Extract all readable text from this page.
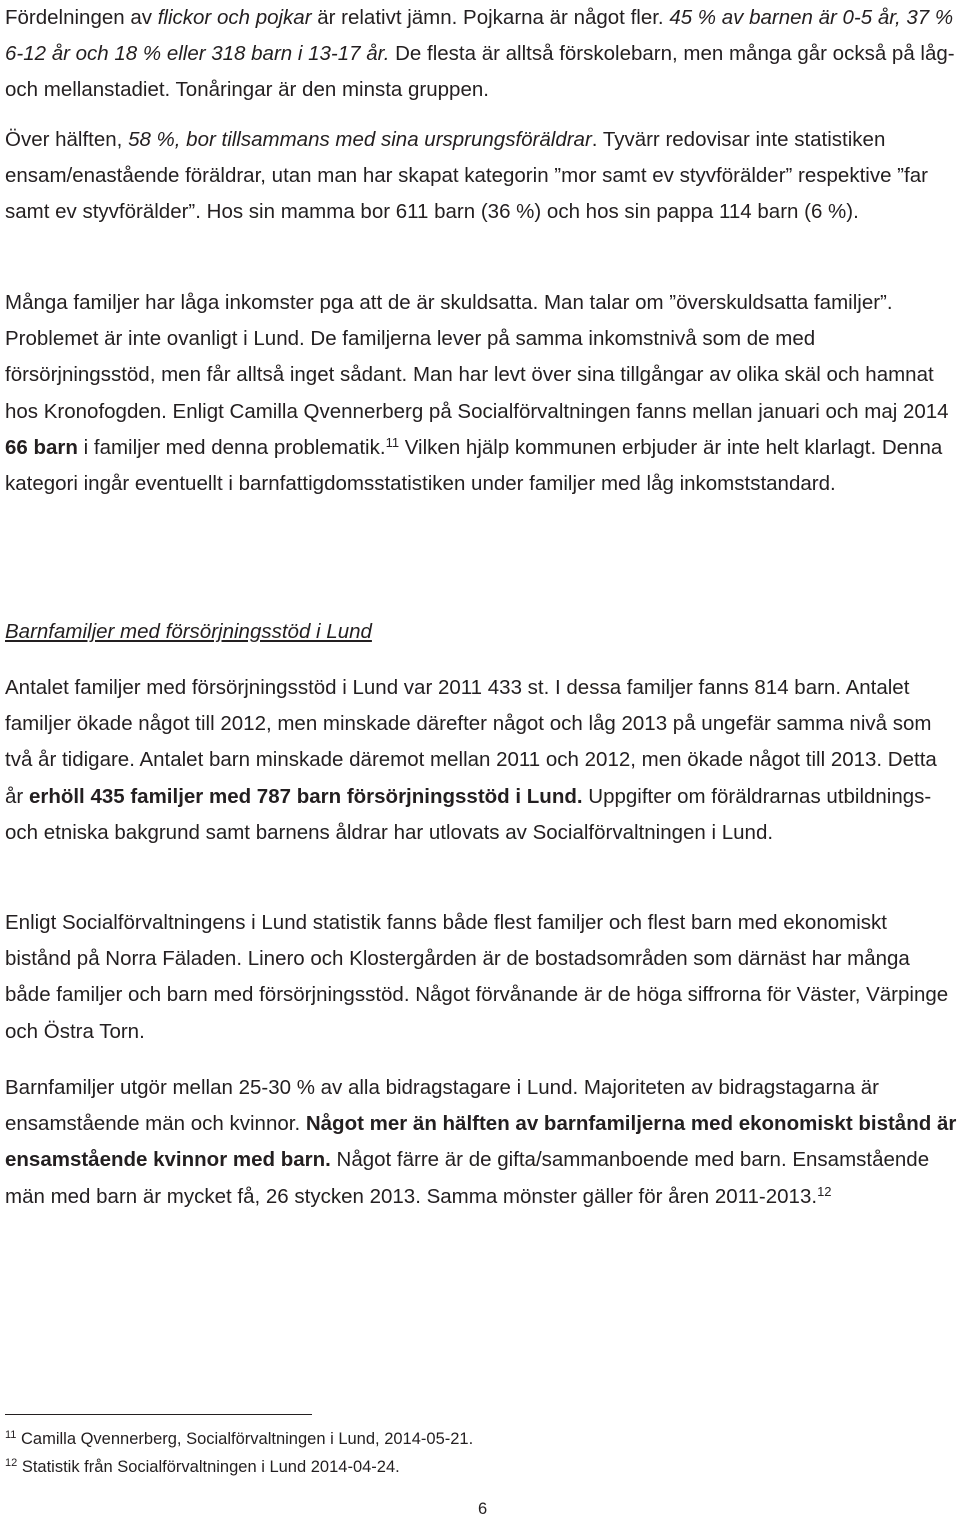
Fördelningen av flickor och pojkar är relativt jämn. Pojkarna är något fler. 45 % av barnen är 0-5 år, 37 % 6-12 år och 18 % eller 318 barn i 13-17 år. De flesta är alltså förskolebarn, men många går också på låg- och mellanstadiet. Tonåringar är den minsta gruppen.

Över hälften, 58 %, bor tillsammans med sina ursprungsföräldrar. Tyvärr redovisar inte statistiken ensam/enastående föräldrar, utan man har skapat kategorin ”mor samt ev styvförälder” respektive ”far samt ev styvförälder”. Hos sin mamma bor 611 barn (36 %) och hos sin pappa 114 barn (6 %).

Många familjer har låga inkomster pga att de är skuldsatta. Man talar om ”överskuldsatta familjer”. Problemet är inte ovanligt i Lund. De familjerna lever på samma inkomstnivå som de med försörjningsstöd, men får alltså inget sådant. Man har levt över sina tillgångar av olika skäl och hamnat hos Kronofogden. Enligt Camilla Qvennerberg på Socialförvaltningen fanns mellan januari och maj 2014 66 barn i familjer med denna problematik.$^{11}$ Vilken hjälp kommunen erbjuder är inte helt klarlagt. Denna kategori ingår eventuellt i barnfattigdomsstatistiken under familjer med låg inkomststandard.

Barnfamiljer med försörjningsstöd i Lund

Antalet familjer med försörjningsstöd i Lund var 2011 433 st. I dessa familjer fanns 814 barn. Antalet familjer ökade något till 2012, men minskade därefter något och låg 2013 på ungefär samma nivå som två år tidigare. Antalet barn minskade däremot mellan 2011 och 2012, men ökade något till 2013. Detta år erhöll 435 familjer med 787 barn försörjningsstöd i Lund. Uppgifter om föräldrarnas utbildnings- och etniska bakgrund samt barnens åldrar har utlovats av Socialförvaltningen i Lund.

Enligt Socialförvaltningens i Lund statistik fanns både flest familjer och flest barn med ekonomiskt bistånd på Norra Fäladen. Linero och Klostergården är de bostadsområden som därnäst har många både familjer och barn med försörjningsstöd. Något förvånande är de höga siffrorna för Väster, Värpinge och Östra Torn.

Barnfamiljer utgör mellan 25-30 % av alla bidragstagare i Lund. Majoriteten av bidragstagarna är ensamstående män och kvinnor. Något mer än hälften av barnfamiljerna med ekonomiskt bistånd är ensamstående kvinnor med barn. Något färre är de gifta/sammanboende med barn. Ensamstående män med barn är mycket få, 26 stycken 2013. Samma mönster gäller för åren 2011-2013.12

$^{11}$ Camilla Qvennerberg, Socialförvaltningen i Lund, 2014-05-21.

$^{12}$ Statistik från Socialförvaltningen i Lund 2014-04-24.

6
